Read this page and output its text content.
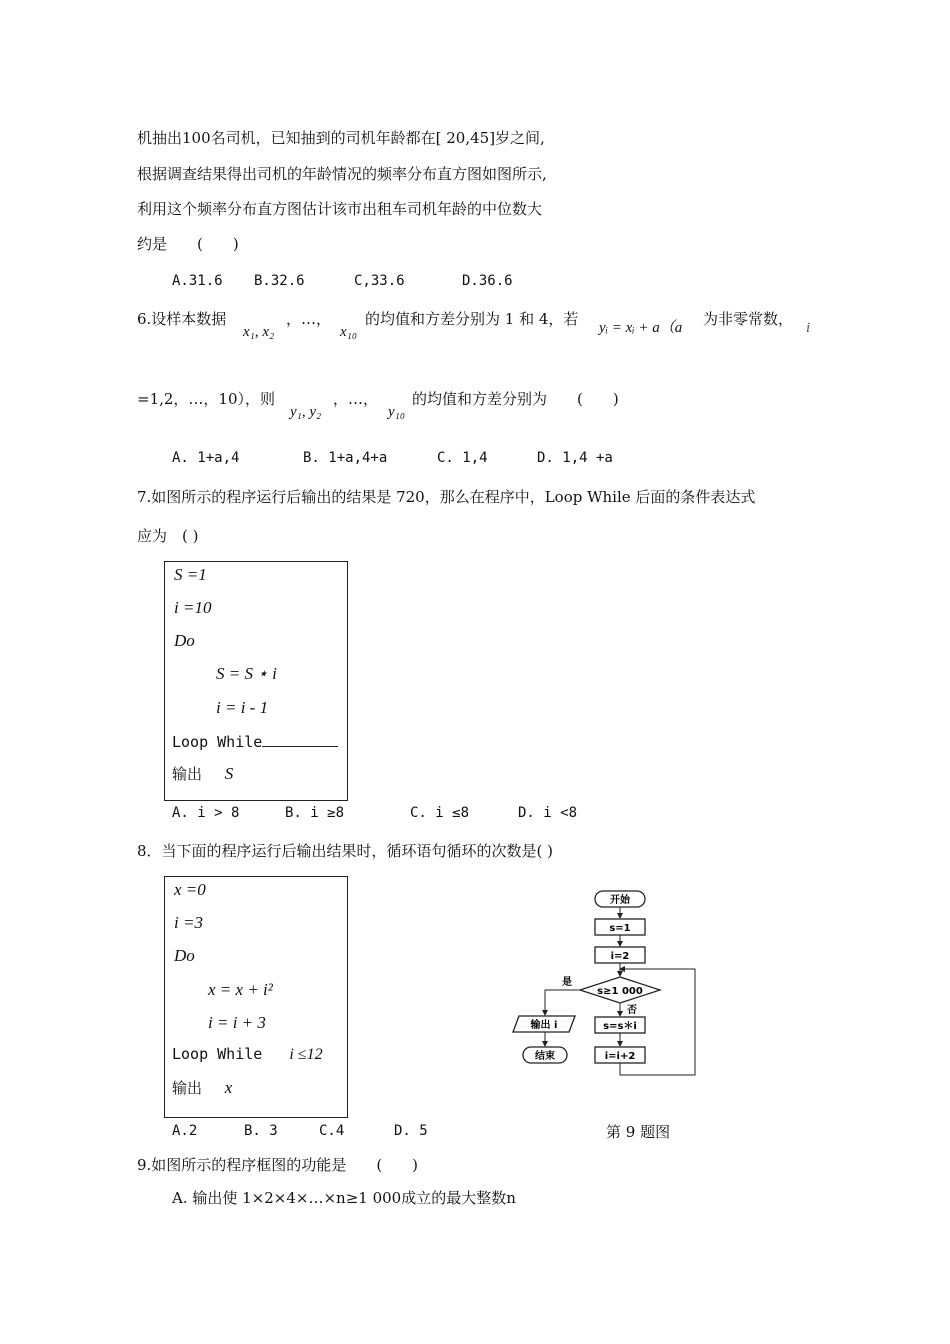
机抽出100名司机，已知抽到的司机年龄都在[ 20,45]岁之间,
根据调查结果得出司机的年龄情况的频率分布直方图如图所示,
利用这个频率分布直方图估计该市出租车司机年龄的中位数大
约是　　(　　)
A.31.6 B.32.6	C,33.6	D.36.6
6.设样本数据
x₁, x₂
，…，
x₁₀
的均值和方差分别为 1 和 4，若 yᵢ = xᵢ + a（a 为非零常数， i
=1,2，…，10），则
y₁, y₂
，…，
y₁₀
的均值和方差分别为　　(　　)
A. 1+a,4	B. 1+a,4+a	C. 1,4	D. 1,4 +a
7.如图所示的程序运行后输出的结果是 720，那么在程序中，Loop While 后面的条件表达式
应为　( )
S =1
i =10
Do
S = S ⋆ i
i = i - 1
Loop While
输出 S
A. i > 8	B. i ≥8	C. i ≤8	D. i <8
8．当下面的程序运行后输出结果时，循环语句循环的次数是( )
x =0
i =3
Do
x = x + i²
i = i + 3
Loop While i ≤12
输出 x
A.2	B. 3	C.4	D. 5
开始
s=1
i=2
s≥1 000
是
否
s=s＊i
i=i+2
输出 i
结束
第 9 题图
9.如图所示的程序框图的功能是　　(　　)
A. 输出使 1×2×4×…×n≥1 000成立的最大整数n
